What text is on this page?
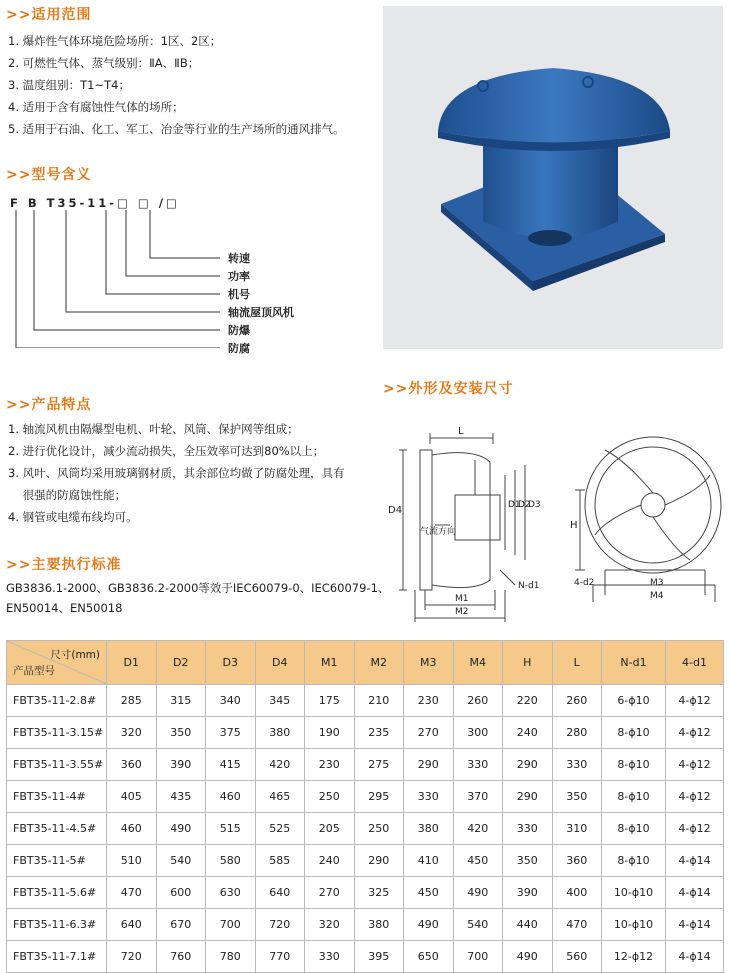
>>适用范围
1. 爆炸性气体环境危险场所：1区、2区；
2. 可燃性气体、蒸气级别：ⅡA、ⅡB；
3. 温度组别：T1~T4；
4. 适用于含有腐蚀性气体的场所；
5. 适用于石油、化工、军工、冶金等行业的生产场所的通风排气。
>>型号含义
F B T35-11-□ □ /□
转速
功率
机号
轴流屋顶风机
防爆
防腐
>>产品特点
1. 轴流风机由隔爆型电机、叶轮、风筒、保护网等组成；
2. 进行优化设计，减少流动损失，全压效率可达到80%以上；
3. 风叶、风筒均采用玻璃钢材质，其余部位均做了防腐处理，具有
很强的防腐蚀性能；
4. 钢管或电缆布线均可。
>>主要执行标准
GB3836.1-2000、GB3836.2-2000等效于IEC60079-0、IEC60079-1、
EN50014、EN50018
>>外形及安装尺寸
L
D4	D1
D2
D3
气流方向
N-d1
M1
M2
H
4-d2	M3
M4
尺寸(mm)
产品型号	D1	D2	D3	D4	M1	M2	M3	M4	H	L	N-d1	4-d1
FBT35-11-2.8#	285	315	340	345	175	210	230	260	220	260	6-ϕ10	4-ϕ12
FBT35-11-3.15#	320	350	375	380	190	235	270	300	240	280	8-ϕ10	4-ϕ12
FBT35-11-3.55#	360	390	415	420	230	275	290	330	290	330	8-ϕ10	4-ϕ12
FBT35-11-4#	405	435	460	465	250	295	330	370	290	350	8-ϕ10	4-ϕ12
FBT35-11-4.5#	460	490	515	525	205	250	380	420	330	310	8-ϕ10	4-ϕ12
FBT35-11-5#	510	540	580	585	240	290	410	450	350	360	8-ϕ10	4-ϕ14
FBT35-11-5.6#	470	600	630	640	270	325	450	490	390	400	10-ϕ10	4-ϕ14
FBT35-11-6.3#	640	670	700	720	320	380	490	540	440	470	10-ϕ10	4-ϕ14
FBT35-11-7.1#	720	760	780	770	330	395	650	700	490	560	12-ϕ12	4-ϕ14
